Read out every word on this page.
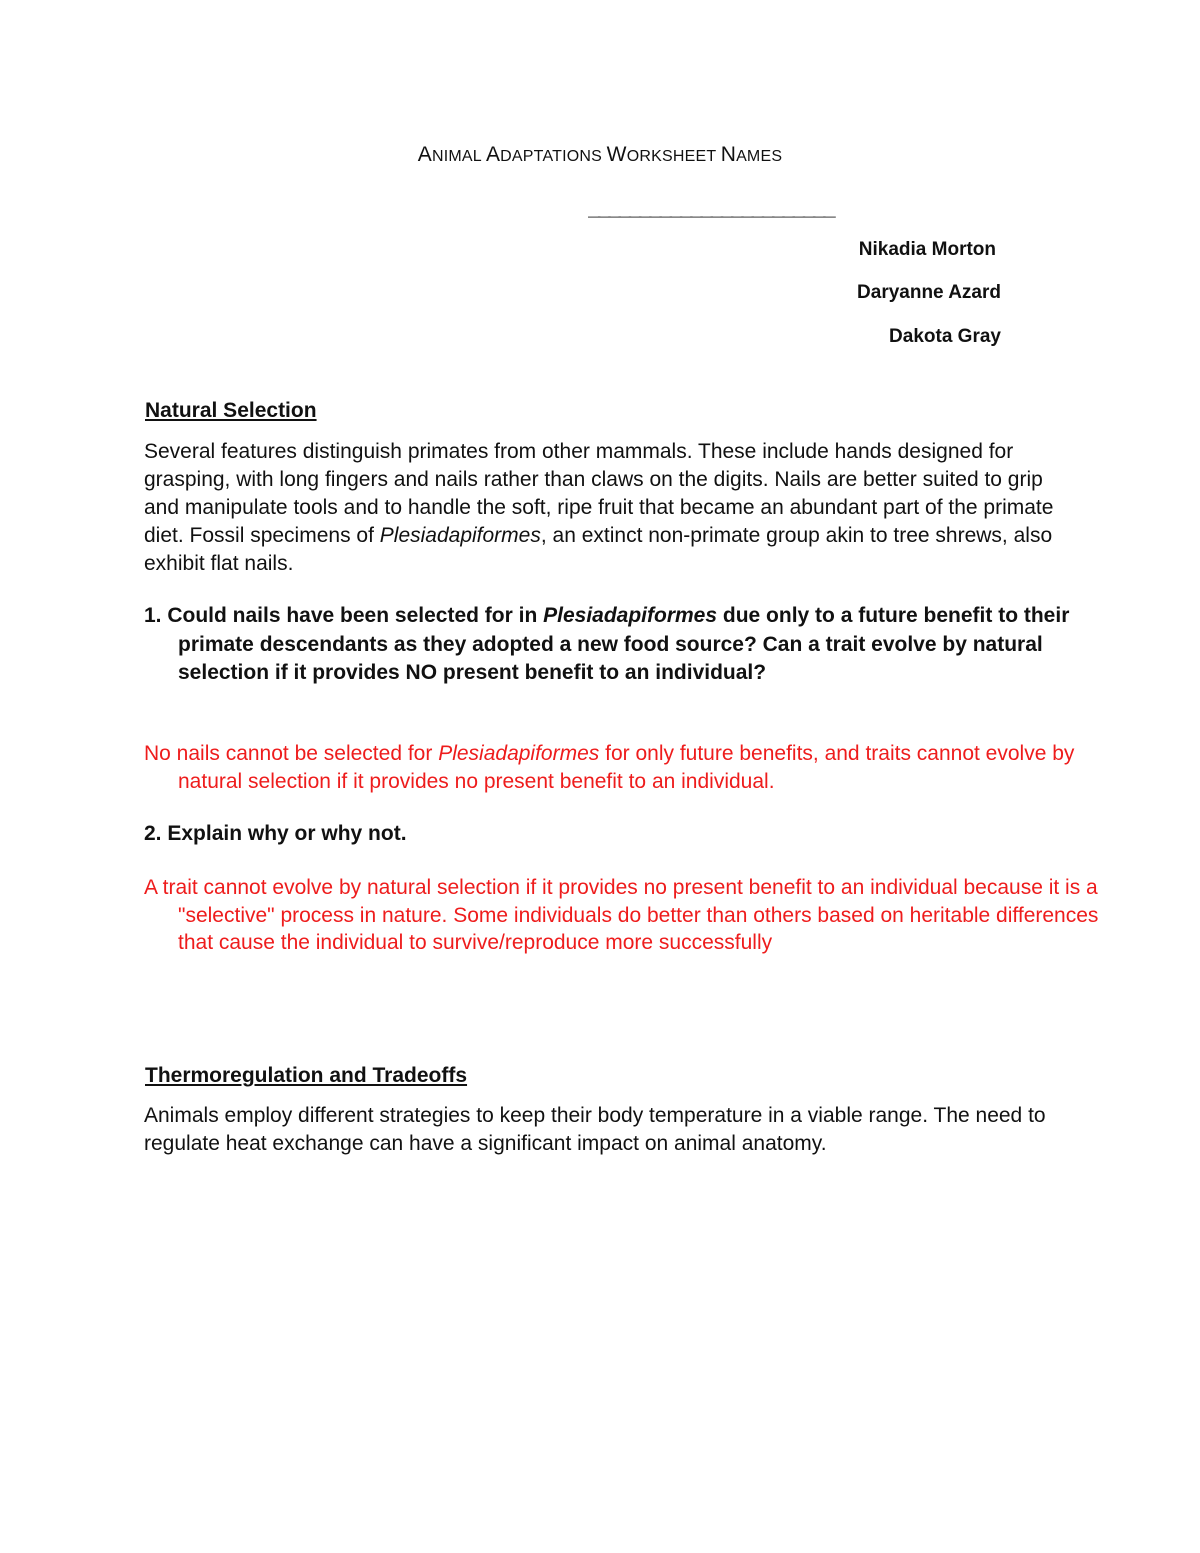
ANIMAL ADAPTATIONS WORKSHEET NAMES
________________________
Nikadia Morton
Daryanne Azard
Dakota Gray
Natural Selection

Several features distinguish primates from other mammals. These include hands designed for grasping, with long fingers and nails rather than claws on the digits. Nails are better suited to grip and manipulate tools and to handle the soft, ripe fruit that became an abundant part of the primate diet. Fossil specimens of Plesiadapiformes, an extinct non-primate group akin to tree shrews, also exhibit flat nails.

1. Could nails have been selected for in Plesiadapiformes due only to a future benefit to their primate descendants as they adopted a new food source? Can a trait evolve by natural selection if it provides NO present benefit to an individual?

No nails cannot be selected for Plesiadapiformes for only future benefits, and traits cannot evolve by natural selection if it provides no present benefit to an individual.

2. Explain why or why not.

A trait cannot evolve by natural selection if it provides no present benefit to an individual because it is a "selective" process in nature. Some individuals do better than others based on heritable differences that cause the individual to survive/reproduce more successfully

Thermoregulation and Tradeoffs

Animals employ different strategies to keep their body temperature in a viable range. The need to regulate heat exchange can have a significant impact on animal anatomy.
